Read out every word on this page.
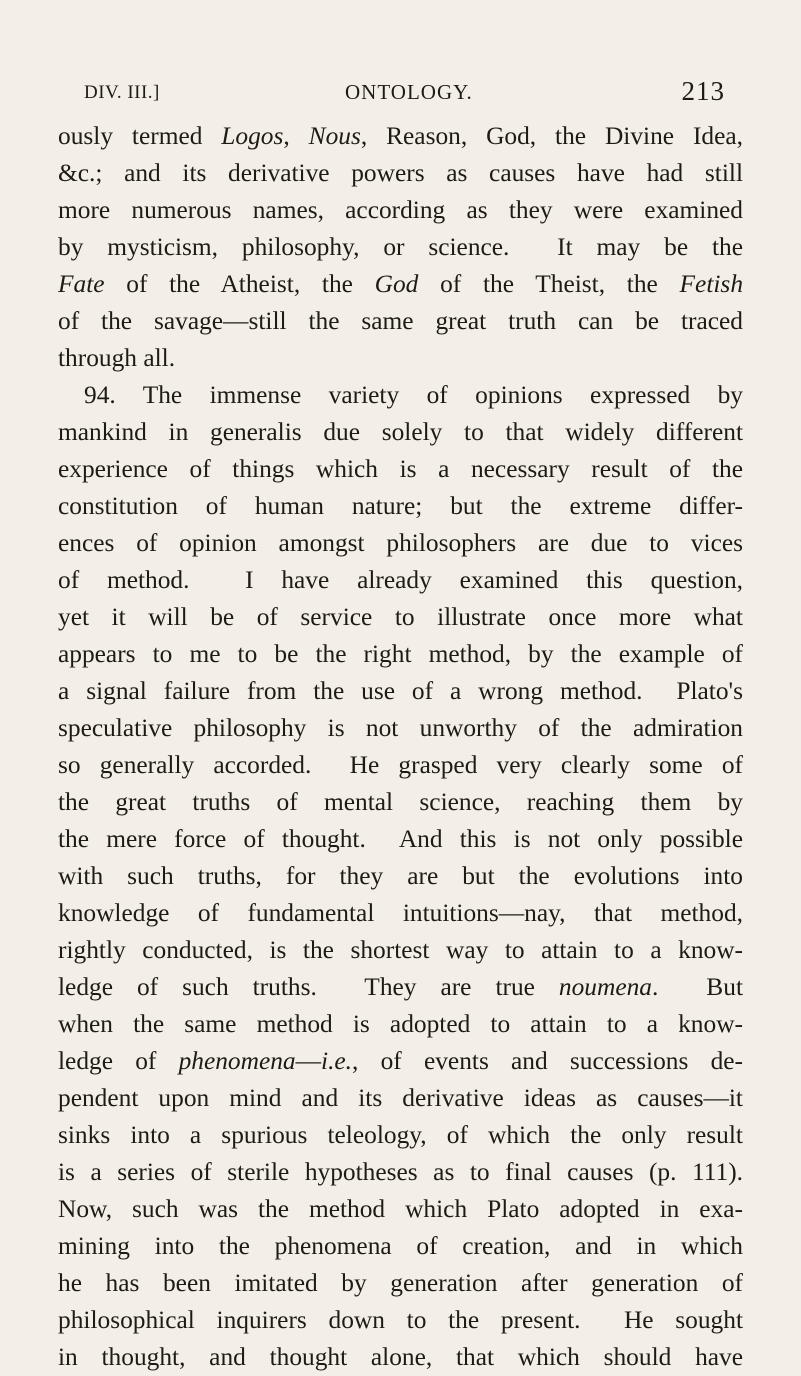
DIV. III.]	ONTOLOGY.	213
ously termed Logos, Nous, Reason, God, the Divine Idea,
&c.; and its derivative powers as causes have had still
more numerous names, according as they were examined
by mysticism, philosophy, or science.  It may be the
Fate of the Atheist, the God of the Theist, the Fetish
of the savage—still the same great truth can be traced
through all.
94. The immense variety of opinions expressed by
mankind in generalis due solely to that widely different
experience of things which is a necessary result of the
constitution of human nature; but the extreme differ-
ences of opinion amongst philosophers are due to vices
of method.  I have already examined this question,
yet it will be of service to illustrate once more what
appears to me to be the right method, by the example of
a signal failure from the use of a wrong method.  Plato's
speculative philosophy is not unworthy of the admiration
so generally accorded.  He grasped very clearly some of
the great truths of mental science, reaching them by
the mere force of thought.  And this is not only possible
with such truths, for they are but the evolutions into
knowledge of fundamental intuitions—nay, that method,
rightly conducted, is the shortest way to attain to a know-
ledge of such truths.  They are true noumena.  But
when the same method is adopted to attain to a know-
ledge of phenomena—i.e., of events and successions de-
pendent upon mind and its derivative ideas as causes—it
sinks into a spurious teleology, of which the only result
is a series of sterile hypotheses as to final causes (p. 111).
Now, such was the method which Plato adopted in exa-
mining into the phenomena of creation, and in which
he has been imitated by generation after generation of
philosophical inquirers down to the present.  He sought
in thought, and thought alone, that which should have
